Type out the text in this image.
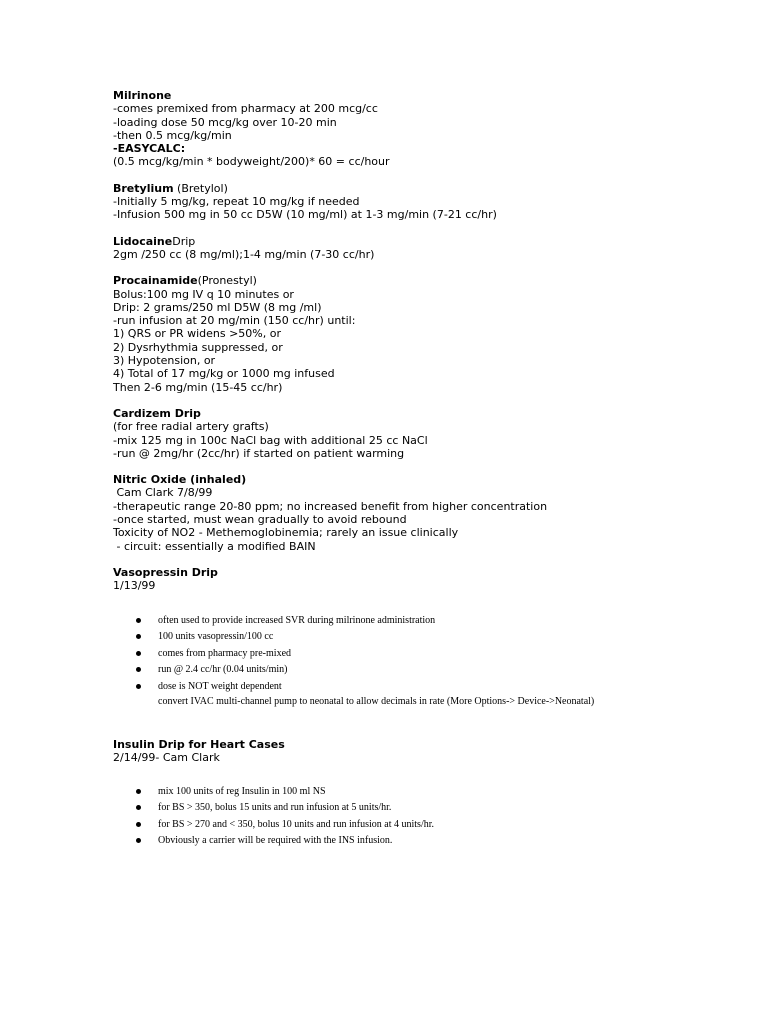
Milrinone
-comes premixed from pharmacy at 200 mcg/cc
-loading dose 50 mcg/kg over 10-20 min
-then 0.5 mcg/kg/min
-EASYCALC:
(0.5 mcg/kg/min * bodyweight/200)* 60 = cc/hour
Bretylium (Bretylol)
-Initially 5 mg/kg, repeat 10 mg/kg if needed
-Infusion 500 mg in 50 cc D5W (10 mg/ml) at 1-3 mg/min (7-21 cc/hr)
LidocaineDrip
2gm /250 cc (8 mg/ml);1-4 mg/min (7-30 cc/hr)
Procainamide(Pronestyl)
Bolus:100 mg IV q 10 minutes or
Drip: 2 grams/250 ml D5W (8 mg /ml)
-run infusion at 20 mg/min (150 cc/hr) until:
1) QRS or PR widens >50%, or
2) Dysrhythmia suppressed, or
3) Hypotension, or
4) Total of 17 mg/kg or 1000 mg infused
Then 2-6 mg/min (15-45 cc/hr)
Cardizem Drip
(for free radial artery grafts)
-mix 125 mg in 100c NaCl bag with additional 25 cc NaCl
-run @ 2mg/hr (2cc/hr) if started on patient warming
Nitric Oxide (inhaled)
Cam Clark 7/8/99
-therapeutic range 20-80 ppm; no increased benefit from higher concentration
-once started, must wean gradually to avoid rebound
Toxicity of NO2 - Methemoglobinemia; rarely an issue clinically
- circuit: essentially a modified BAIN
Vasopressin Drip
1/13/99
often used to provide increased SVR during milrinone administration
100 units vasopressin/100 cc
comes from pharmacy pre-mixed
run @ 2.4 cc/hr (0.04 units/min)
dose is NOT weight dependent
convert IVAC multi-channel pump to neonatal to allow decimals in rate (More Options-> Device->Neonatal)
Insulin Drip for Heart Cases
2/14/99- Cam Clark
mix 100 units of reg Insulin in 100 ml NS
for BS > 350, bolus 15 units and run infusion at 5 units/hr.
for BS > 270 and < 350, bolus 10 units and run infusion at 4 units/hr.
Obviously a carrier will be required with the INS infusion.
